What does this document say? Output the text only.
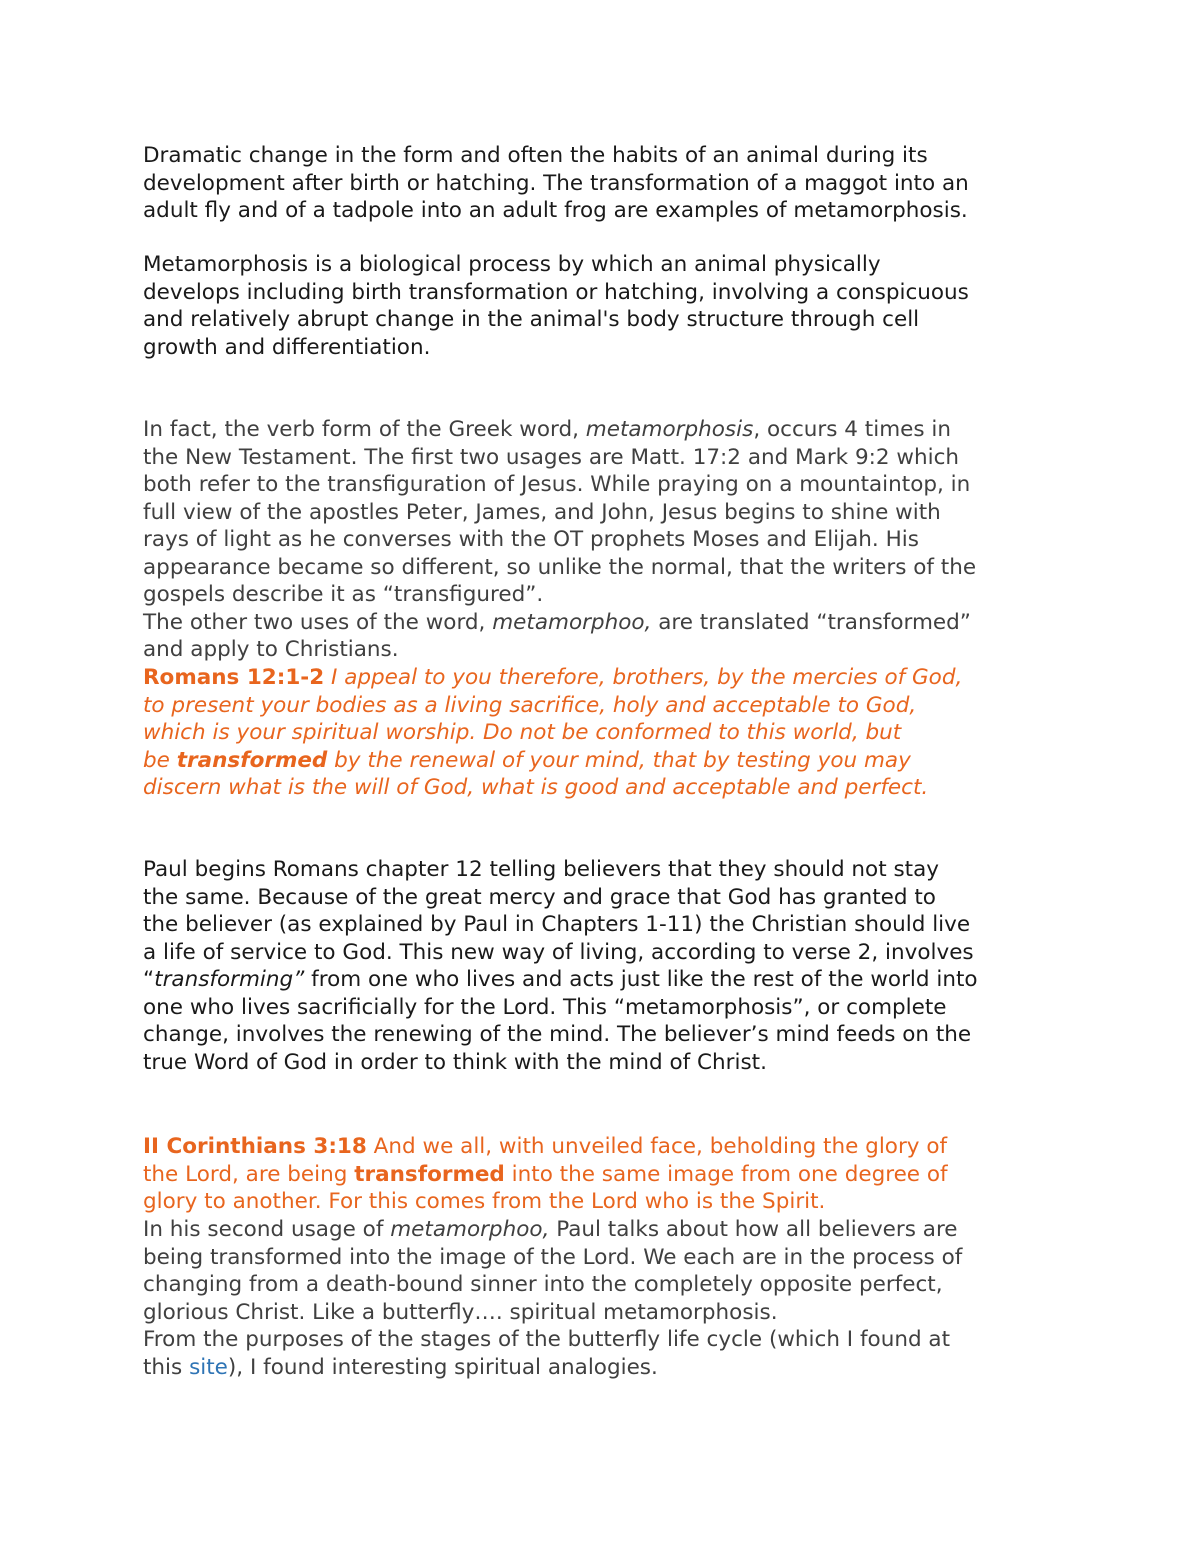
Dramatic change in the form and often the habits of an animal during its
development after birth or hatching. The transformation of a maggot into an
adult fly and of a tadpole into an adult frog are examples of metamorphosis.
Metamorphosis is a biological process by which an animal physically
develops including birth transformation or hatching, involving a conspicuous
and relatively abrupt change in the animal's body structure through cell
growth and differentiation.
In fact, the verb form of the Greek word, metamorphosis, occurs 4 times in
the New Testament. The first two usages are Matt. 17:2 and Mark 9:2 which
both refer to the transfiguration of Jesus. While praying on a mountaintop, in
full view of the apostles Peter, James, and John, Jesus begins to shine with
rays of light as he converses with the OT prophets Moses and Elijah. His
appearance became so different, so unlike the normal, that the writers of the
gospels describe it as “transfigured”.
The other two uses of the word, metamorphoo, are translated “transformed”
and apply to Christians.
Romans 12:1-2 I appeal to you therefore, brothers, by the mercies of God,
to present your bodies as a living sacrifice, holy and acceptable to God,
which is your spiritual worship. Do not be conformed to this world, but
be transformed by the renewal of your mind, that by testing you may
discern what is the will of God, what is good and acceptable and perfect.
Paul begins Romans chapter 12 telling believers that they should not stay
the same. Because of the great mercy and grace that God has granted to
the believer (as explained by Paul in Chapters 1-11) the Christian should live
a life of service to God. This new way of living, according to verse 2, involves
“transforming” from one who lives and acts just like the rest of the world into
one who lives sacrificially for the Lord. This “metamorphosis”, or complete
change, involves the renewing of the mind. The believer’s mind feeds on the
true Word of God in order to think with the mind of Christ.
II Corinthians 3:18 And we all, with unveiled face, beholding the glory of
the Lord, are being transformed into the same image from one degree of
glory to another. For this comes from the Lord who is the Spirit.
In his second usage of metamorphoo, Paul talks about how all believers are
being transformed into the image of the Lord. We each are in the process of
changing from a death-bound sinner into the completely opposite perfect,
glorious Christ. Like a butterfly…. spiritual metamorphosis.
From the purposes of the stages of the butterfly life cycle (which I found at
this site), I found interesting spiritual analogies.
